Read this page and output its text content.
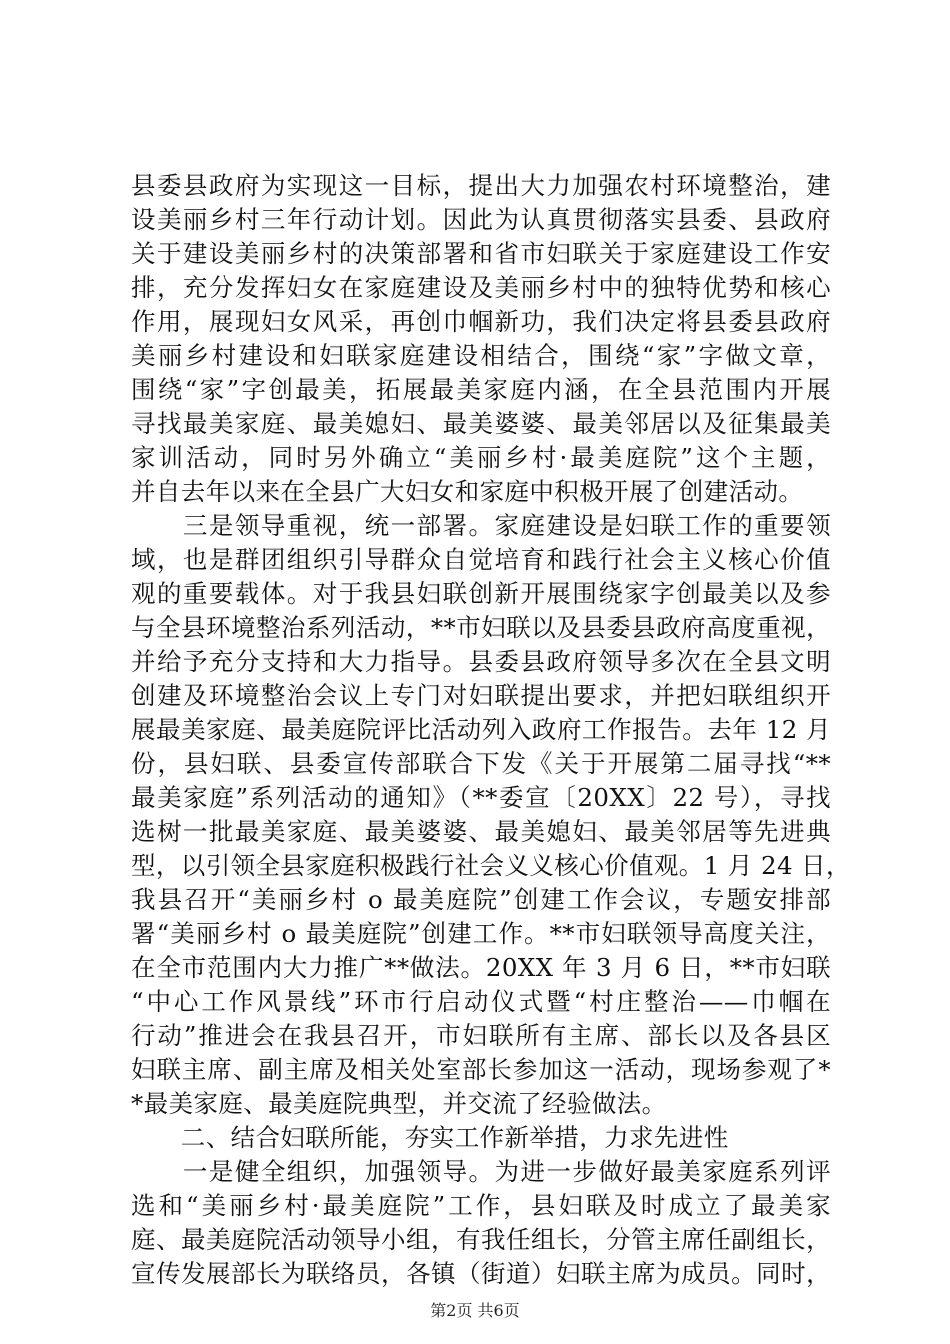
县委县政府为实现这一目标，提出大力加强农村环境整治，建
设美丽乡村三年行动计划。因此为认真贯彻落实县委、县政府
关于建设美丽乡村的决策部署和省市妇联关于家庭建设工作安
排，充分发挥妇女在家庭建设及美丽乡村中的独特优势和核心
作用，展现妇女风采，再创巾帼新功，我们决定将县委县政府
美丽乡村建设和妇联家庭建设相结合，围绕“家”字做文章，
围绕“家”字创最美，拓展最美家庭内涵，在全县范围内开展
寻找最美家庭、最美媳妇、最美婆婆、最美邻居以及征集最美
家训活动，同时另外确立“美丽乡村·最美庭院”这个主题，
并自去年以来在全县广大妇女和家庭中积极开展了创建活动。
　　三是领导重视，统一部署。家庭建设是妇联工作的重要领
域，也是群团组织引导群众自觉培育和践行社会主义核心价值
观的重要载体。对于我县妇联创新开展围绕家字创最美以及参
与全县环境整治系列活动，**市妇联以及县委县政府高度重视，
并给予充分支持和大力指导。县委县政府领导多次在全县文明
创建及环境整治会议上专门对妇联提出要求，并把妇联组织开
展最美家庭、最美庭院评比活动列入政府工作报告。去年 12 月
份，县妇联、县委宣传部联合下发《关于开展第二届寻找“**
最美家庭”系列活动的通知》（**委宣〔20XX〕22 号），寻找
选树一批最美家庭、最美婆婆、最美媳妇、最美邻居等先进典
型，以引领全县家庭积极践行社会义义核心价值观。1 月 24 日，
我县召开“美丽乡村 o 最美庭院”创建工作会议，专题安排部
署“美丽乡村 o 最美庭院”创建工作。**市妇联领导高度关注，
在全市范围内大力推广**做法。20XX 年 3 月 6 日，**市妇联
“中心工作风景线”环市行启动仪式暨“村庄整治——巾帼在
行动”推进会在我县召开，市妇联所有主席、部长以及各县区
妇联主席、副主席及相关处室部长参加这一活动，现场参观了*
*最美家庭、最美庭院典型，并交流了经验做法。
　　二、结合妇联所能，夯实工作新举措，力求先进性
　　一是健全组织，加强领导。为进一步做好最美家庭系列评
选和“美丽乡村·最美庭院”工作，县妇联及时成立了最美家
庭、最美庭院活动领导小组，有我任组长，分管主席任副组长，
宣传发展部长为联络员，各镇（街道）妇联主席为成员。同时，
第2页 共6页
